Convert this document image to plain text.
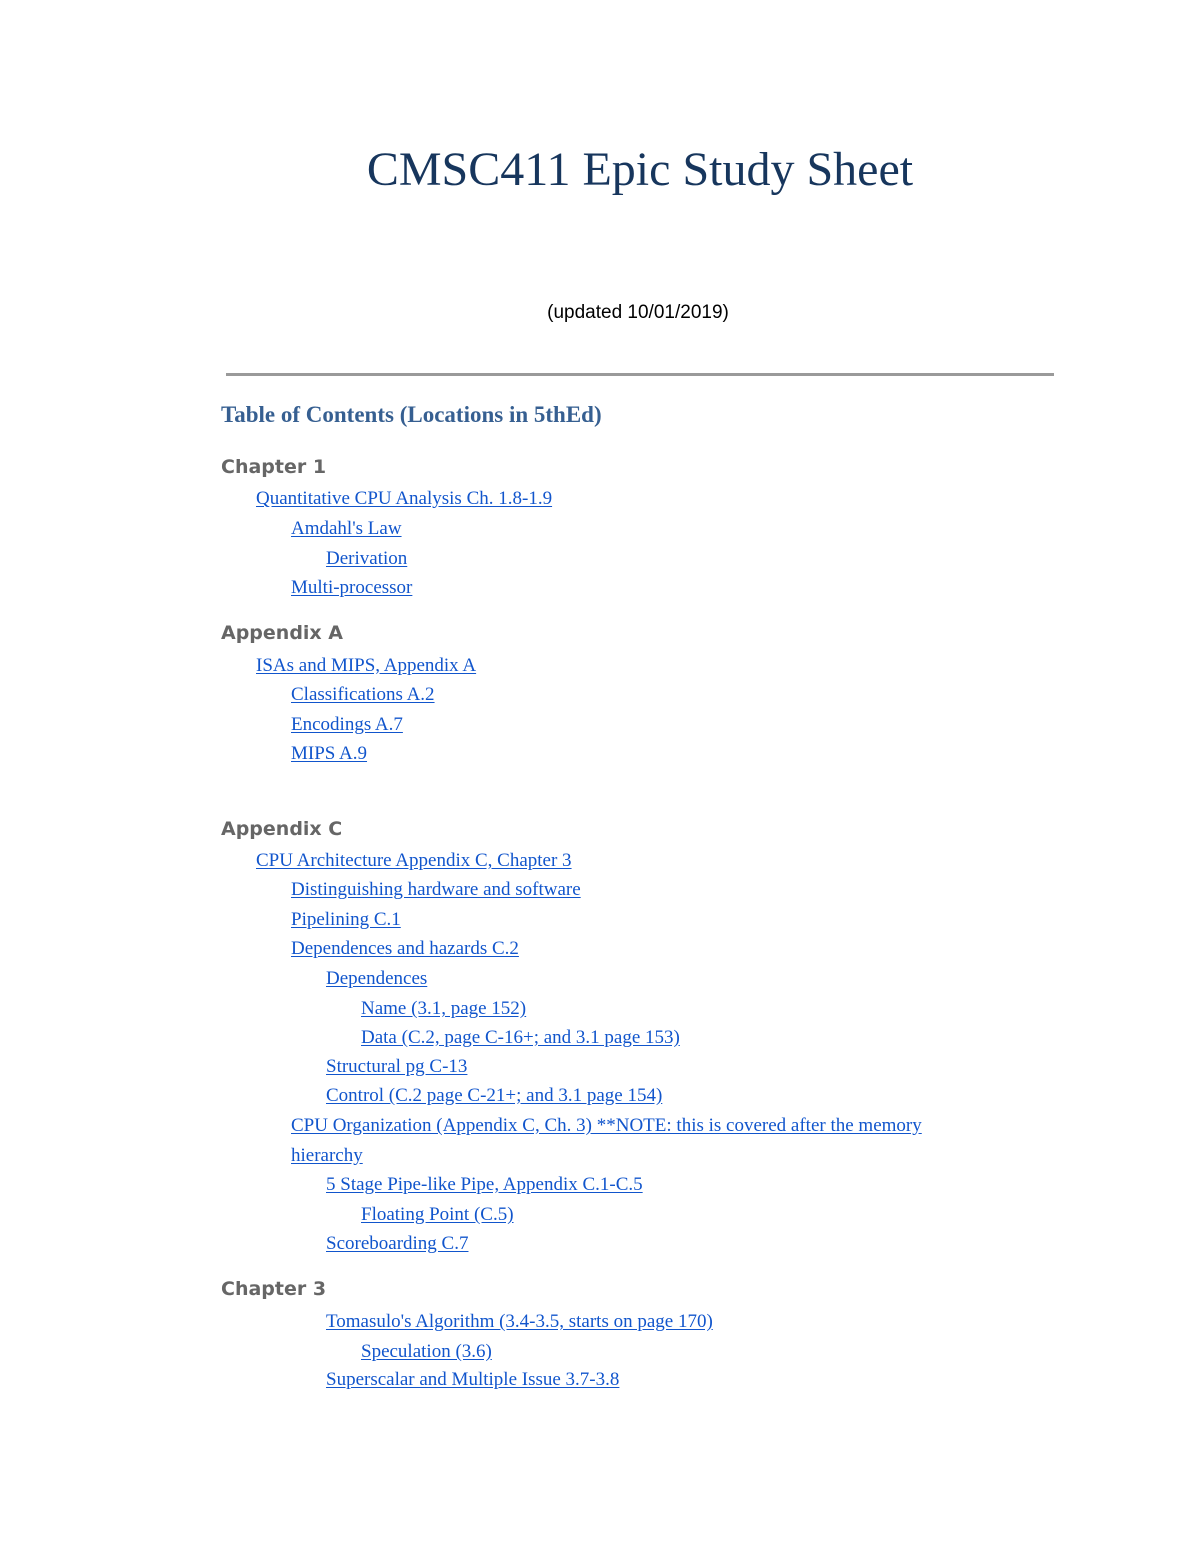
CMSC411 Epic Study Sheet
(updated 10/01/2019)
Table of Contents (Locations in 5thEd)
Chapter 1
Quantitative CPU Analysis Ch. 1.8-1.9
Amdahl's Law
Derivation
Multi-processor
Appendix A
ISAs and MIPS, Appendix A
Classifications A.2
Encodings A.7
MIPS A.9
Appendix C
CPU Architecture Appendix C, Chapter 3
Distinguishing hardware and software
Pipelining C.1
Dependences and hazards C.2
Dependences
Name (3.1, page 152)
Data (C.2, page C-16+; and 3.1 page 153)
Structural pg C-13
Control (C.2 page C-21+; and 3.1 page 154)
CPU Organization (Appendix C, Ch. 3) **NOTE: this is covered after the memory
hierarchy
5 Stage Pipe-like Pipe, Appendix C.1-C.5
Floating Point (C.5)
Scoreboarding C.7
Chapter 3
Tomasulo's Algorithm (3.4-3.5, starts on page 170)
Speculation (3.6)
Superscalar and Multiple Issue 3.7-3.8
